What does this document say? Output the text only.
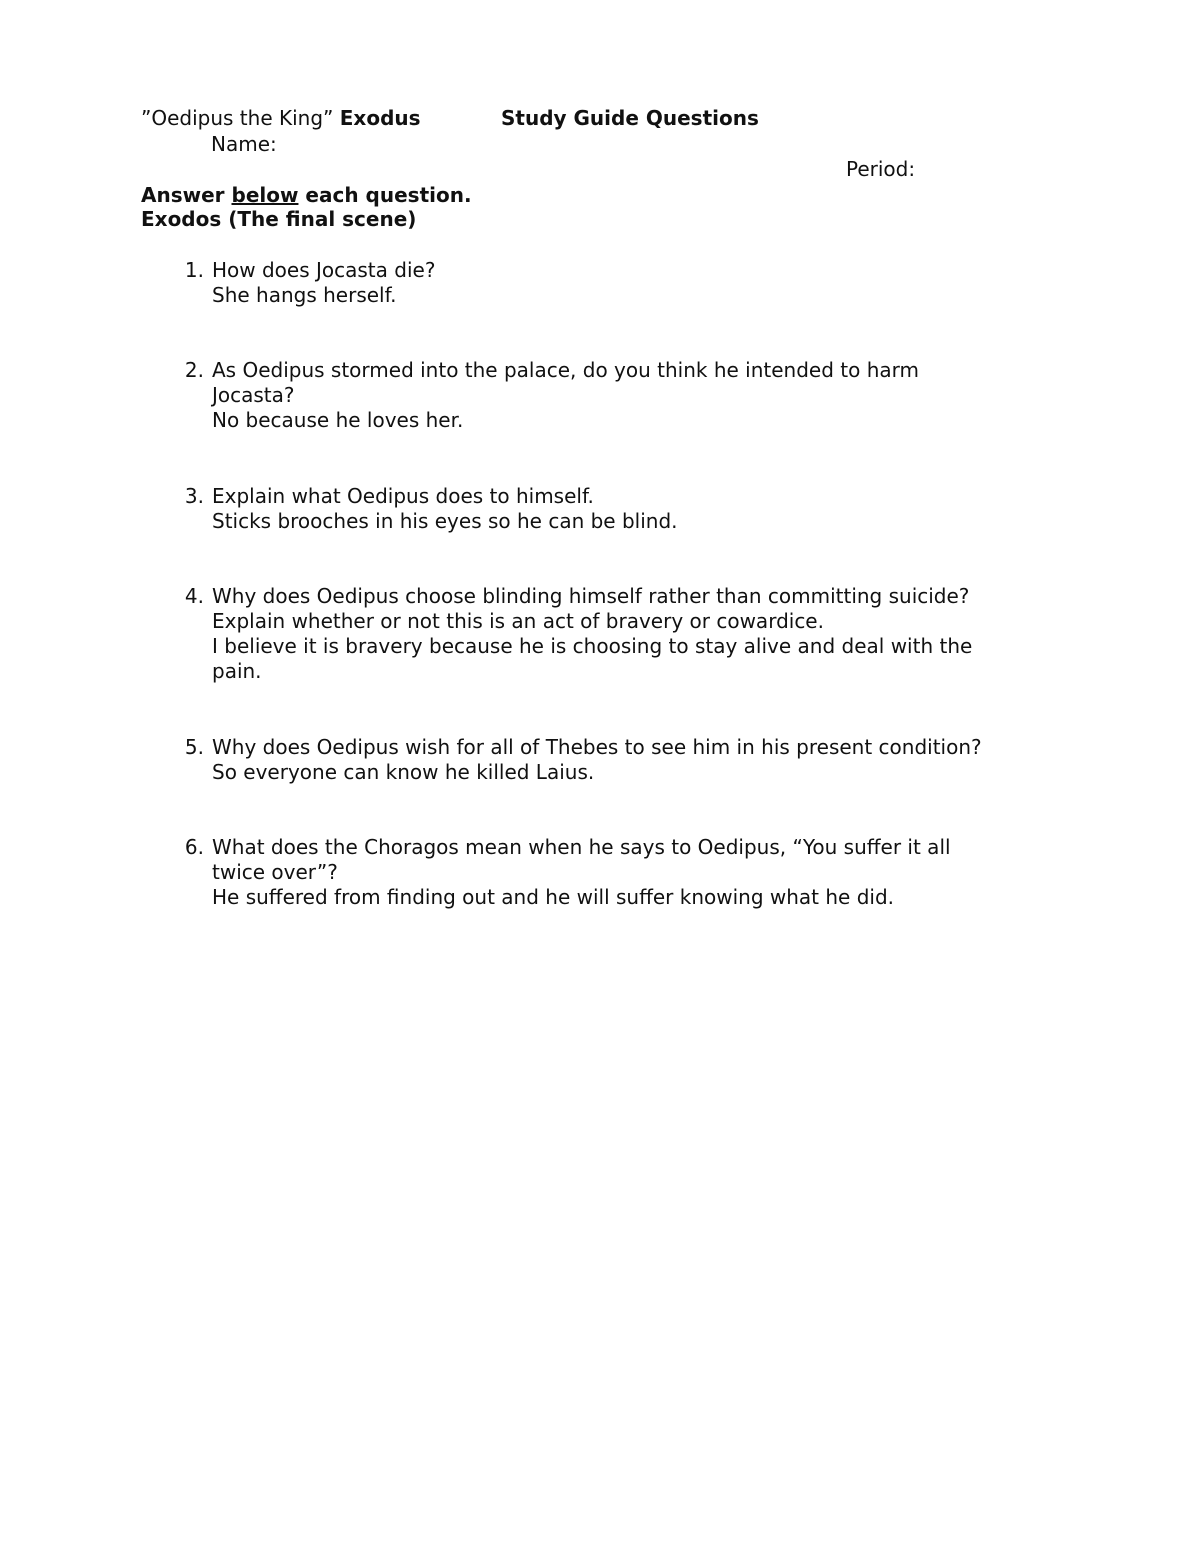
”Oedipus the King” Exodus	Study Guide Questions
Name:
Period:
Answer below each question.
Exodos (The final scene)
1. How does Jocasta die?
She hangs herself.
2. As Oedipus stormed into the palace, do you think he intended to harm
Jocasta?
No because he loves her.
3. Explain what Oedipus does to himself.
Sticks brooches in his eyes so he can be blind.
4. Why does Oedipus choose blinding himself rather than committing suicide?
Explain whether or not this is an act of bravery or cowardice.
I believe it is bravery because he is choosing to stay alive and deal with the
pain.
5. Why does Oedipus wish for all of Thebes to see him in his present condition?
So everyone can know he killed Laius.
6. What does the Choragos mean when he says to Oedipus, “You suffer it all
twice over”?
He suffered from finding out and he will suffer knowing what he did.
